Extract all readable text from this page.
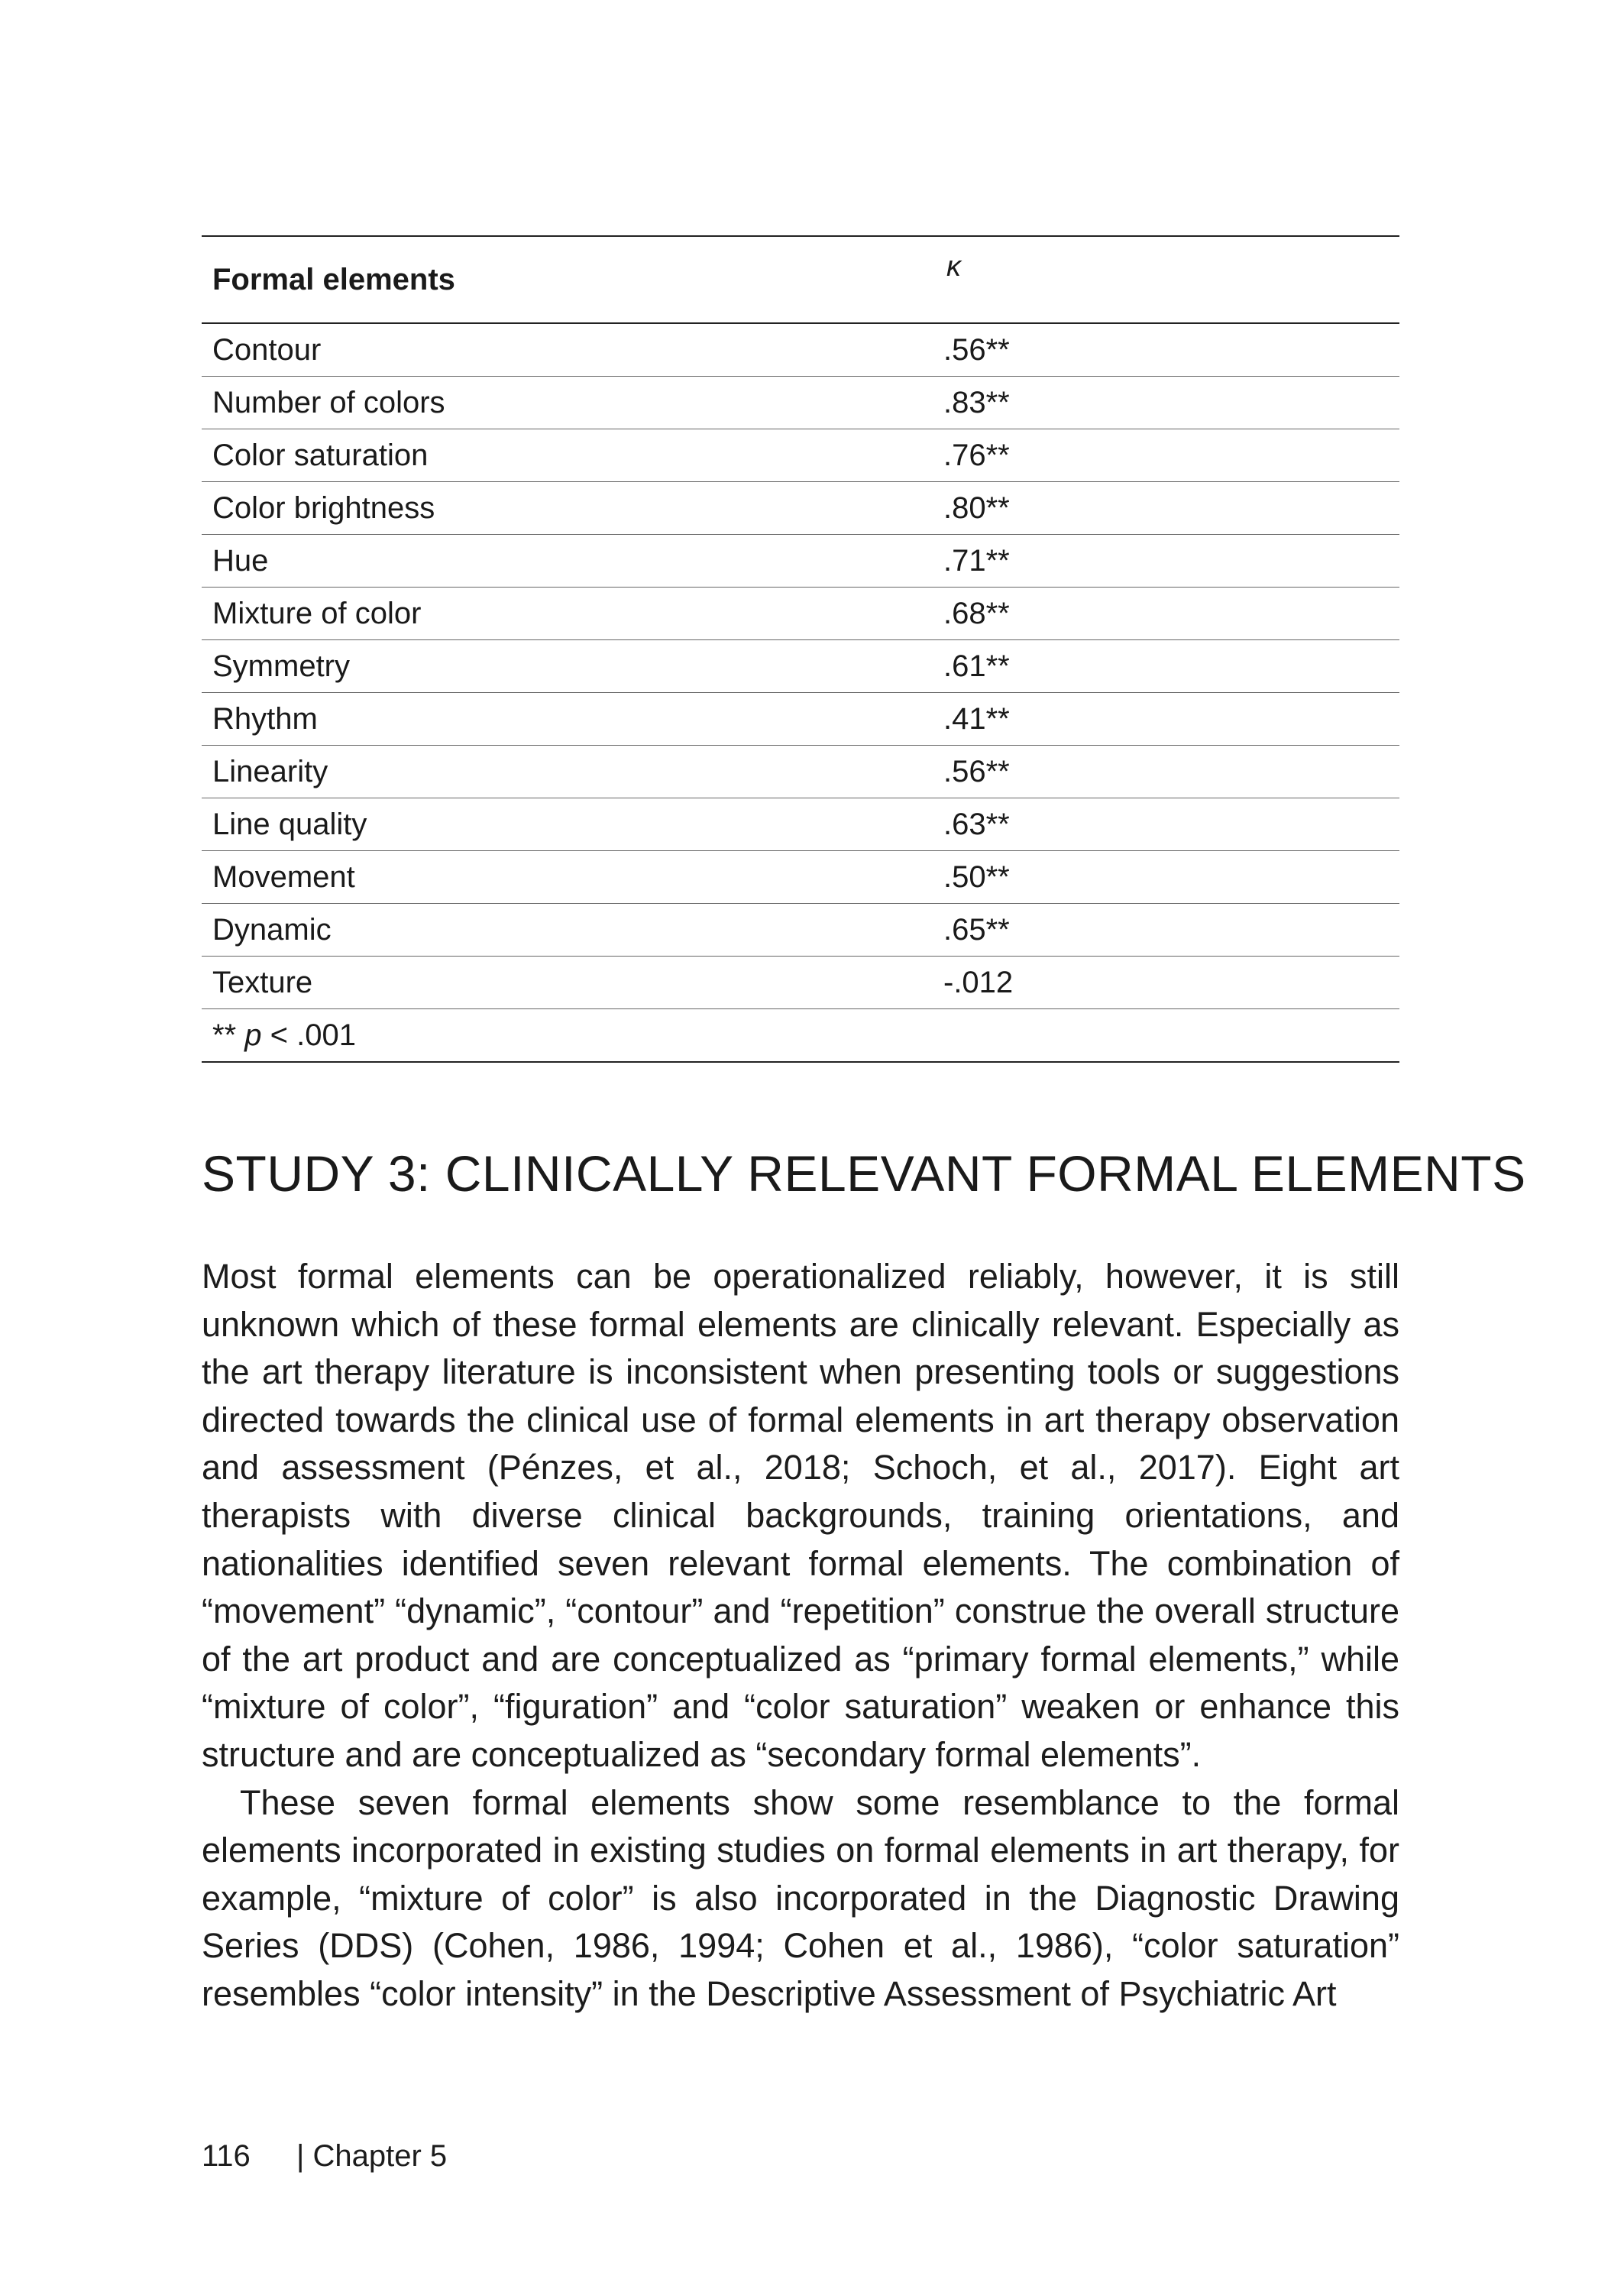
Formal elements	κ
Contour	.56**
Number of colors	.83**
Color saturation	.76**
Color brightness	.80**
Hue	.71**
Mixture of color	.68**
Symmetry	.61**
Rhythm	.41**
Linearity	.56**
Line quality	.63**
Movement	.50**
Dynamic	.65**
Texture	-.012
** p < .001	
STUDY 3: CLINICALLY RELEVANT FORMAL ELEMENTS

Most formal elements can be operationalized reliably, however, it is still unknown which of these formal elements are clinically relevant. Especially as the art therapy literature is inconsistent when presenting tools or suggestions directed towards the clinical use of formal elements in art therapy observation and assessment (Pénzes, et al., 2018; Schoch, et al., 2017). Eight art therapists with diverse clinical backgrounds, training orientations, and nationalities identified seven relevant formal elements. The combination of “movement” “dynamic”, “contour” and “repetition” construe the overall structure of the art product and are conceptualized as “primary formal elements,” while “mixture of color”, “figuration” and “color saturation” weaken or enhance this structure and are conceptualized as “secondary formal elements”.

These seven formal elements show some resemblance to the formal elements incorporated in existing studies on formal elements in art therapy, for example, “mixture of color” is also incorporated in the Diagnostic Drawing Series (DDS) (Cohen, 1986, 1994; Cohen et al., 1986), “color saturation” resembles “color intensity” in the Descriptive Assessment of Psychiatric Art

116 | Chapter 5
